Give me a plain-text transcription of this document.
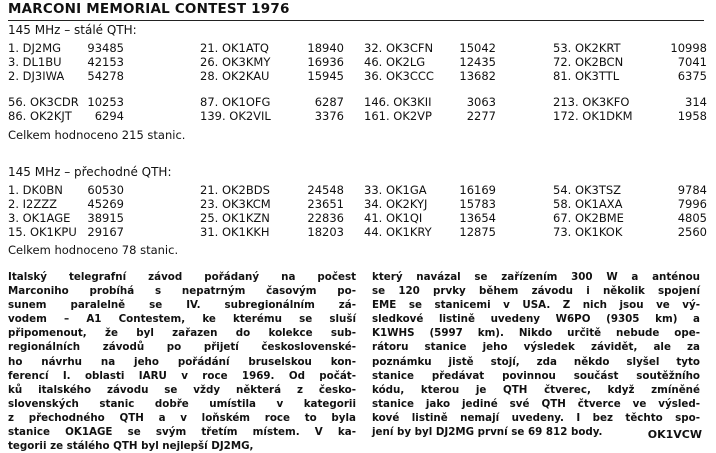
MARCONI MEMORIAL CONTEST 1976
145 MHz – stálé QTH:
1. DJ2MG 93485	21. OK1ATQ	18940 32. OK3CFN 15042	53. OK2KRT	10998
3. DL1BU 42153	26. OK3KMY	16936 46. OK2LG	12435	72. OK2BCN	7041
2. DJ3IWA 54278	28. OK2KAU	15945 36. OK3CCC 13682	81. OK3TTL	6375
56. OK3CDR 10253	87. OK1OFG	6287 146. OK3KII	3063	213. OK3KFO	314
86. OK2KJT 6294	139. OK2VIL	3376 161. OK2VP	2277	172. OK1DKM	1958
Celkem hodnoceno 215 stanic.
145 MHz – přechodné QTH:
1. DK0BN 60530	21. OK2BDS	24548 33. OK1GA	16169	54. OK3TSZ	9784
2. I2ZZZ	45269	23. OK3KCM	23651 34. OK2KYJ	15783	58. OK1AXA	7996
3. OK1AGE 38915	25. OK1KZN	22836 41. OK1QI	13654	67. OK2BME	4805
15. OK1KPU 29167	31. OK1KKH	18203 44. OK1KRY 12875	73. OK1KOK	2560
Celkem hodnoceno 78 stanic.
Italský telegrafní závod pořádaný na počest
Marconiho probíhá s nepatrným časovým po-
sunem paralelně se IV. subregionálním zá-
vodem – A1 Contestem, ke kterému se sluší
připomenout, že byl zařazen do kolekce sub-
regionálních závodů po přijetí československé-
ho návrhu na jeho pořádání bruselskou kon-
ferencí I. oblasti IARU v roce 1969. Od počát-
ků italského závodu se vždy některá z česko-
slovenských stanic dobře umístila v kategorii
z přechodného QTH a v loňském roce to byla
stanice OK1AGE se svým třetím místem. V ka-
tegorii ze stálého QTH byl nejlepší DJ2MG,
který navázal se zařízením 300 W a anténou
se 120 prvky během závodu i několik spojení
EME se stanicemi v USA. Z nich jsou ve vý-
sledkové listině uvedeny W6PO (9305 km) a
K1WHS (5997 km). Nikdo určitě nebude ope-
rátoru stanice jeho výsledek závidět, ale za
poznámku jistě stojí, zda někdo slyšel tyto
stanice předávat povinnou součást soutěžního
kódu, kterou je QTH čtverec, když zmíněné
stanice jako jediné své QTH čtverce ve výsled-
kové listině nemají uvedeny. I bez těchto spo-
jení by byl DJ2MG první se 69 812 body.	OK1VCW
